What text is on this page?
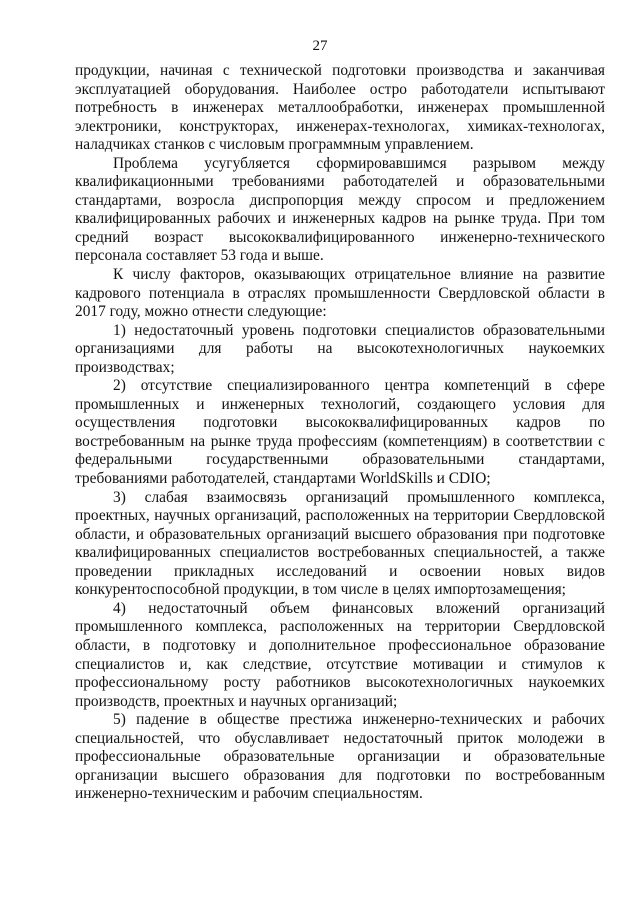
27

продукции, начиная с технической подготовки производства и заканчивая эксплуатацией оборудования. Наиболее остро работодатели испытывают потребность в инженерах металлообработки, инженерах промышленной электроники, конструкторах, инженерах-технологах, химиках-технологах, наладчиках станков с числовым программным управлением.

Проблема усугубляется сформировавшимся разрывом между квалификационными требованиями работодателей и образовательными стандартами, возросла диспропорция между спросом и предложением квалифицированных рабочих и инженерных кадров на рынке труда. При том средний возраст высококвалифицированного инженерно-технического персонала составляет 53 года и выше.

К числу факторов, оказывающих отрицательное влияние на развитие кадрового потенциала в отраслях промышленности Свердловской области в 2017 году, можно отнести следующие:

1) недостаточный уровень подготовки специалистов образовательными организациями для работы на высокотехнологичных наукоемких производствах;

2) отсутствие специализированного центра компетенций в сфере промышленных и инженерных технологий, создающего условия для осуществления подготовки высококвалифицированных кадров по востребованным на рынке труда профессиям (компетенциям) в соответствии с федеральными государственными образовательными стандартами, требованиями работодателей, стандартами WorldSkills и CDIO;

3) слабая взаимосвязь организаций промышленного комплекса, проектных, научных организаций, расположенных на территории Свердловской области, и образовательных организаций высшего образования при подготовке квалифицированных специалистов востребованных специальностей, а также проведении прикладных исследований и освоении новых видов конкурентоспособной продукции, в том числе в целях импортозамещения;

4) недостаточный объем финансовых вложений организаций промышленного комплекса, расположенных на территории Свердловской области, в подготовку и дополнительное профессиональное образование специалистов и, как следствие, отсутствие мотивации и стимулов к профессиональному росту работников высокотехнологичных наукоемких производств, проектных и научных организаций;

5) падение в обществе престижа инженерно-технических и рабочих специальностей, что обуславливает недостаточный приток молодежи в профессиональные образовательные организации и образовательные организации высшего образования для подготовки по востребованным инженерно-техническим и рабочим специальностям.
